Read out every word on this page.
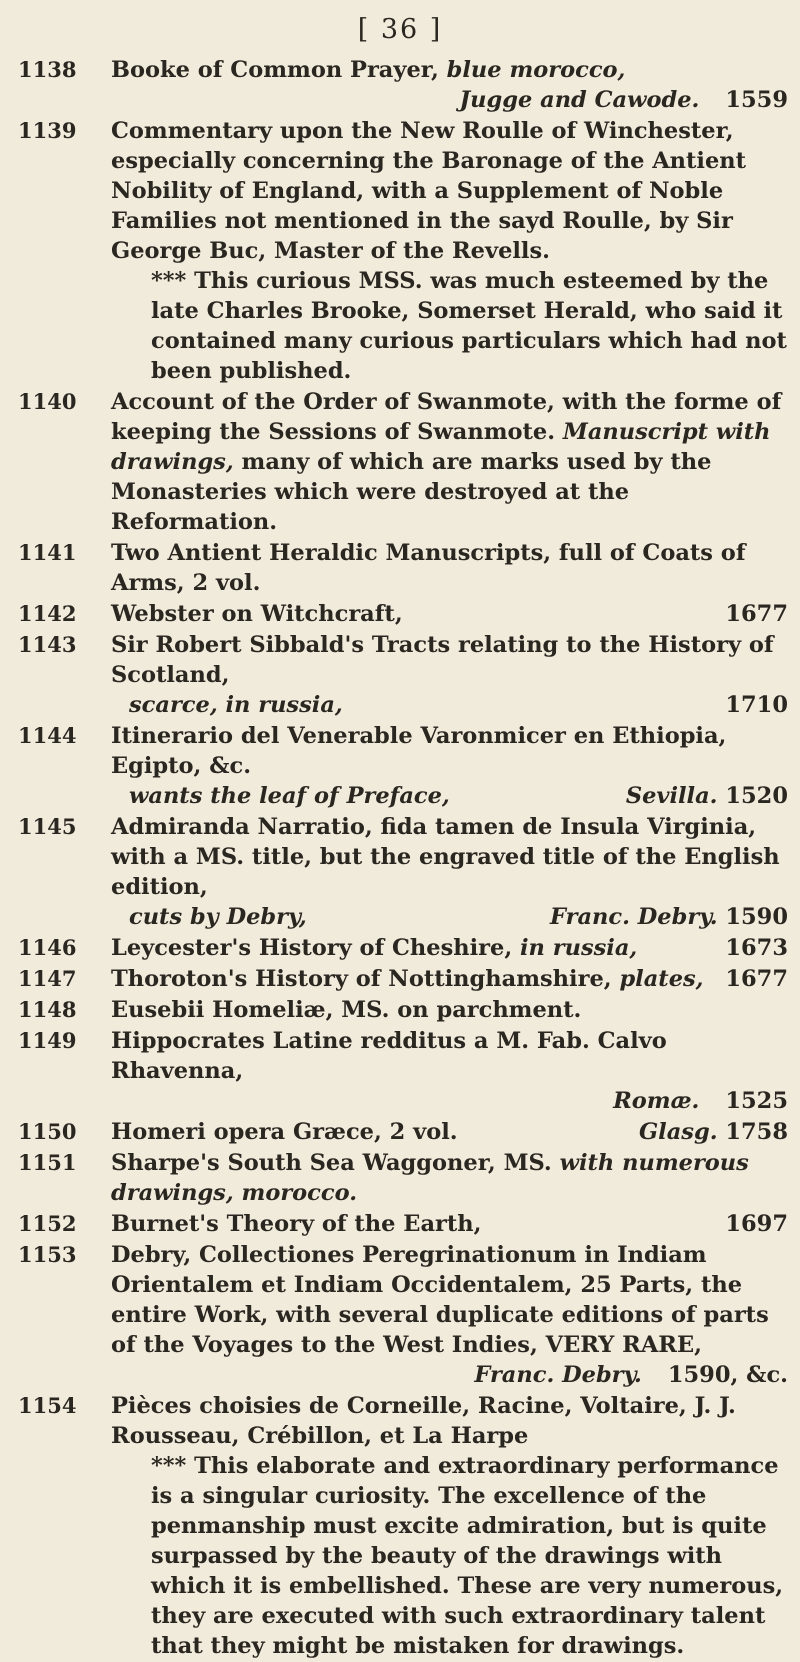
[ 36 ]
1138	Booke of Common Prayer, blue morocco,
Jugge and Cawode. 1559
1139	Commentary upon the New Roulle of Winchester, especially concerning the Baronage of the Antient Nobility of England, with a Supplement of Noble Families not mentioned in the sayd Roulle, by Sir George Buc, Master of the Revells.
*** This curious MSS. was much esteemed by the late Charles Brooke, Somerset Herald, who said it contained many curious particulars which had not been published.
1140	Account of the Order of Swanmote, with the forme of keeping the Sessions of Swanmote. Manuscript with drawings, many of which are marks used by the Monasteries which were destroyed at the Reformation.
1141	Two Antient Heraldic Manuscripts, full of Coats of Arms, 2 vol.
1142	Webster on Witchcraft,	1677
1143	Sir Robert Sibbald's Tracts relating to the History of Scotland,
scarce, in russia,	1710
1144	Itinerario del Venerable Varonmicer en Ethiopia, Egipto, &c.
wants the leaf of Preface,	Sevilla. 1520
1145	Admiranda Narratio, fida tamen de Insula Virginia, with a MS. title, but the engraved title of the English edition,
cuts by Debry,	Franc. Debry. 1590
1146	Leycester's History of Cheshire, in russia,	1673
1147	Thoroton's History of Nottinghamshire, plates, 1677
1148	Eusebii Homeliæ, MS. on parchment.
1149	Hippocrates Latine redditus a M. Fab. Calvo Rhavenna,
Romæ. 1525
1150	Homeri opera Græce, 2 vol.	Glasg. 1758
1151	Sharpe's South Sea Waggoner, MS. with numerous drawings, morocco.
1152	Burnet's Theory of the Earth,	1697
1153	Debry, Collectiones Peregrinationum in Indiam Orientalem et Indiam Occidentalem, 25 Parts, the entire Work, with several duplicate editions of parts of the Voyages to the West Indies, VERY RARE,
Franc. Debry. 1590, &c.
1154	Pièces choisies de Corneille, Racine, Voltaire, J. J. Rousseau, Crébillon, et La Harpe
*** This elaborate and extraordinary performance is a singular curiosity. The excellence of the penmanship must excite admiration, but is quite surpassed by the beauty of the drawings with which it is embellished. These are very numerous, they are executed with such extraordinary talent that they might be mistaken for drawings.
